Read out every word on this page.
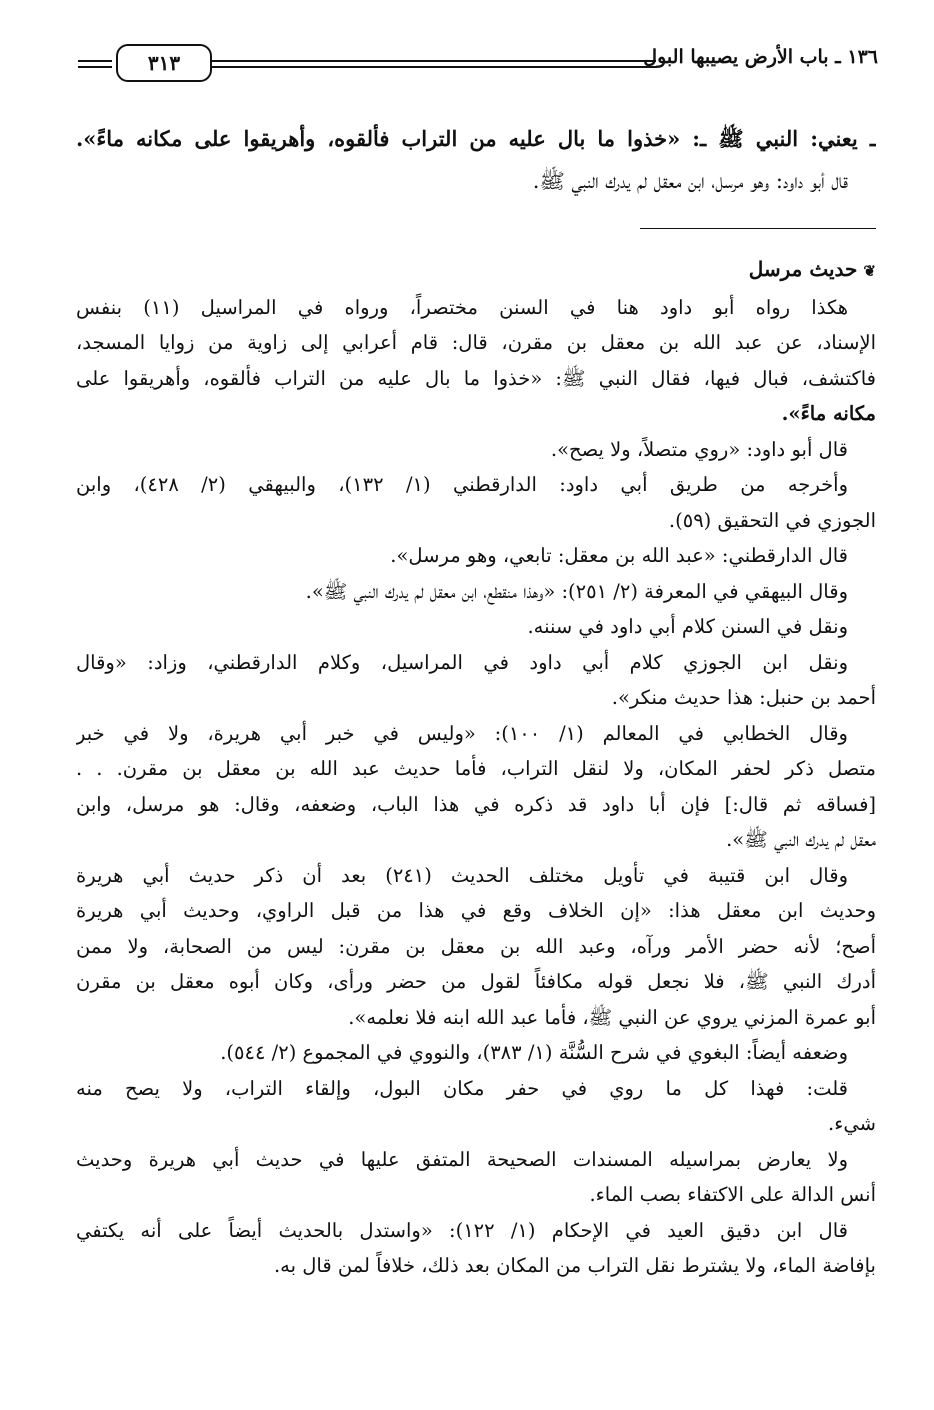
٣١٣	١٣٦ ـ باب الأرض يصيبها البول
ـ يعني: النبي ﷺ ـ: «خذوا ما بال عليه من التراب فألقوه، وأهريقوا على مكانه ماءً».
قال أبو داود: وهو مرسل، ابن معقل لم يدرك النبي ﷺ.
❦حديث مرسل
هكذا رواه أبو داود هنا في السنن مختصراً، ورواه في المراسيل (١١) بنفس
الإسناد، عن عبد الله بن معقل بن مقرن، قال: قام أعرابي إلى زاوية من زوايا المسجد،
فاكتشف، فبال فيها، فقال النبي ﷺ: «خذوا ما بال عليه من التراب فألقوه، وأهريقوا على
مكانه ماءً».
قال أبو داود: «روي متصلاً، ولا يصح».
وأخرجه من طريق أبي داود: الدارقطني (١/ ١٣٢)، والبيهقي (٢/ ٤٢٨)، وابن
الجوزي في التحقيق (٥٩).
قال الدارقطني: «عبد الله بن معقل: تابعي، وهو مرسل».
وقال البيهقي في المعرفة (٢/ ٢٥١): «وهذا منقطع، ابن معقل لم يدرك النبي ﷺ».
ونقل في السنن كلام أبي داود في سننه.
ونقل ابن الجوزي كلام أبي داود في المراسيل، وكلام الدارقطني، وزاد: «وقال
أحمد بن حنبل: هذا حديث منكر».
وقال الخطابي في المعالم (١/ ١٠٠): «وليس في خبر أبي هريرة، ولا في خبر
متصل ذكر لحفر المكان، ولا لنقل التراب، فأما حديث عبد الله بن معقل بن مقرن. . .
[فساقه ثم قال:] فإن أبا داود قد ذكره في هذا الباب، وضعفه، وقال: هو مرسل، وابن
معقل لم يدرك النبي ﷺ».
وقال ابن قتيبة في تأويل مختلف الحديث (٢٤١) بعد أن ذكر حديث أبي هريرة
وحديث ابن معقل هذا: «إن الخلاف وقع في هذا من قبل الراوي، وحديث أبي هريرة
أصح؛ لأنه حضر الأمر ورآه، وعبد الله بن معقل بن مقرن: ليس من الصحابة، ولا ممن
أدرك النبي ﷺ، فلا نجعل قوله مكافئاً لقول من حضر ورأى، وكان أبوه معقل بن مقرن
أبو عمرة المزني يروي عن النبي ﷺ، فأما عبد الله ابنه فلا نعلمه».
وضعفه أيضاً: البغوي في شرح السُّنَّة (١/ ٣٨٣)، والنووي في المجموع (٢/ ٥٤٤).
قلت: فهذا كل ما روي في حفر مكان البول، وإلقاء التراب، ولا يصح منه
شيء.
ولا يعارض بمراسيله المسندات الصحيحة المتفق عليها في حديث أبي هريرة وحديث
أنس الدالة على الاكتفاء بصب الماء.
قال ابن دقيق العيد في الإحكام (١/ ١٢٢): «واستدل بالحديث أيضاً على أنه يكتفي
بإفاضة الماء، ولا يشترط نقل التراب من المكان بعد ذلك، خلافاً لمن قال به.
